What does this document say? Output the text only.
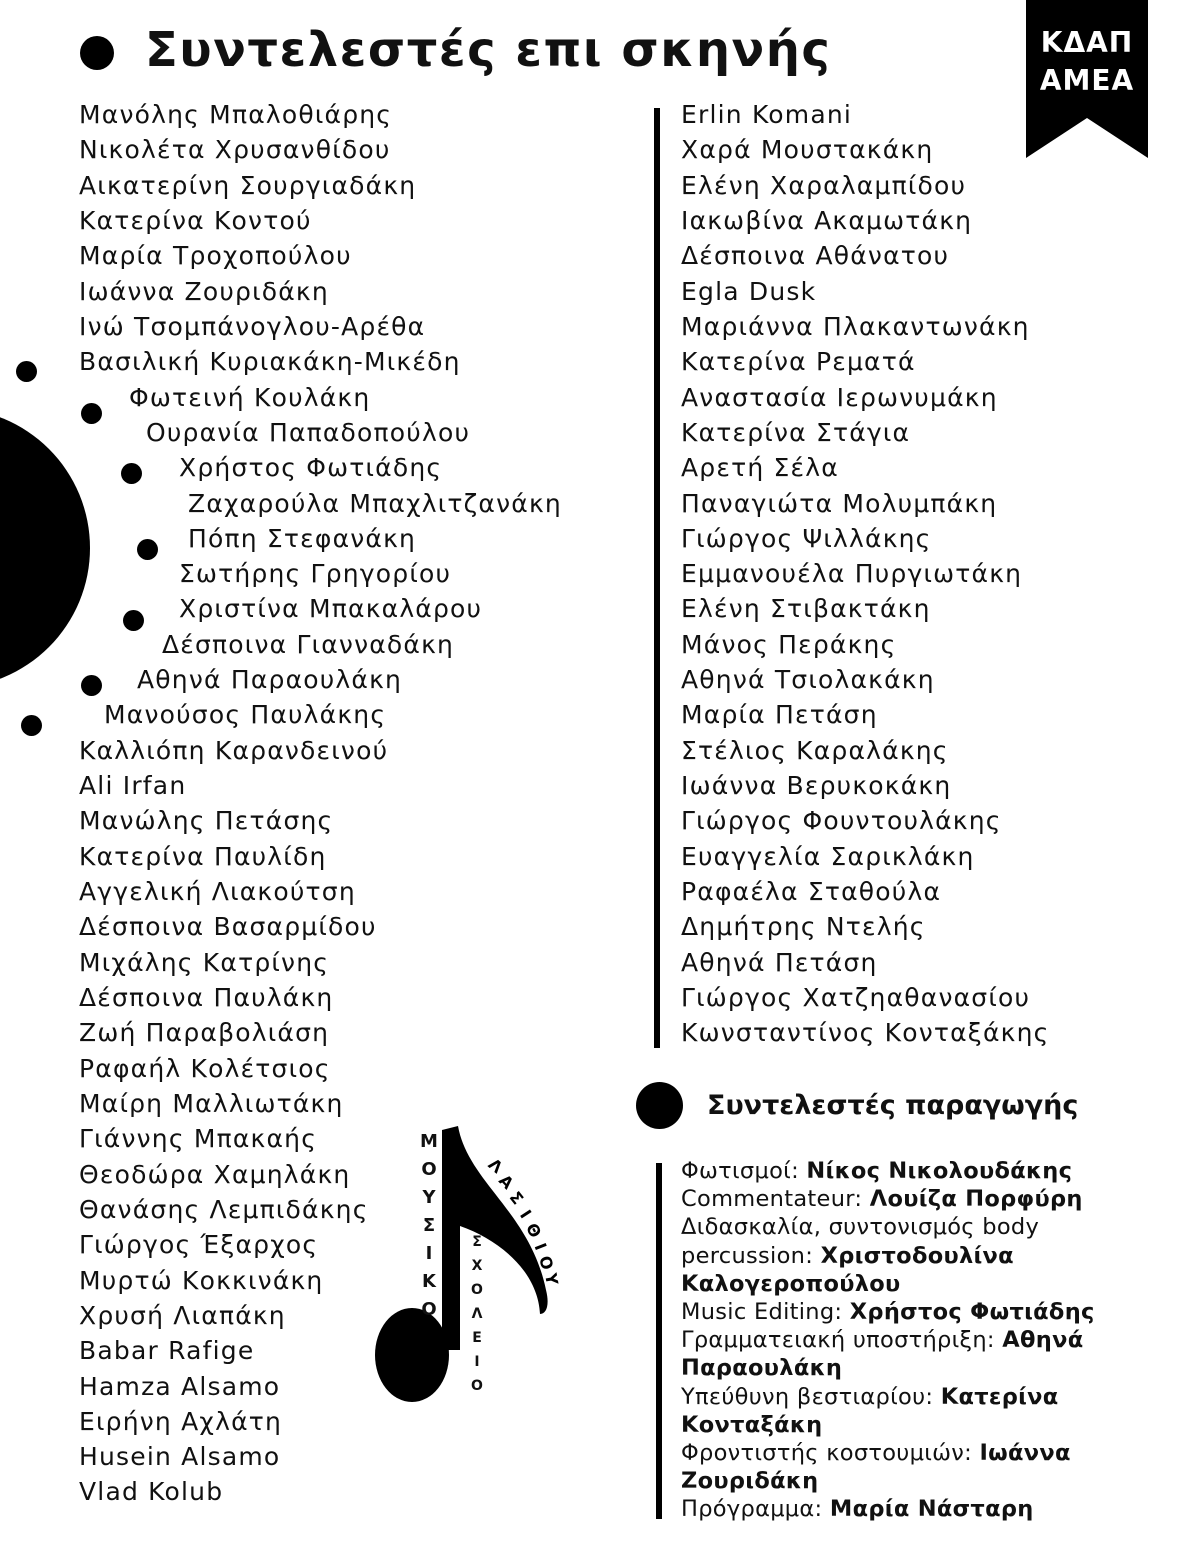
Συντελεστές επι σκηνής	ΚΔΑΠ
ΑΜΕΑ
Μανόλης Μπαλοθιάρης
Νικολέτα Χρυσανθίδου
Αικατερίνη Σουργιαδάκη
Κατερίνα Κοντού
Μαρία Τροχοπούλου
Ιωάννα Ζουριδάκη
Ινώ Τσομπάνογλου-Αρέθα
Βασιλική Κυριακάκη-Μικέδη
Φωτεινή Κουλάκη
Ουρανία Παπαδοπούλου
Χρήστος Φωτιάδης
Ζαχαρούλα Μπαχλιτζανάκη
Πόπη Στεφανάκη
Σωτήρης Γρηγορίου
Χριστίνα Μπακαλάρου
Δέσποινα Γιανναδάκη
Αθηνά Παραουλάκη
Μανούσος Παυλάκης
Καλλιόπη Καρανδεινού
Ali Irfan
Μανώλης Πετάσης
Κατερίνα Παυλίδη
Αγγελική Λιακούτση
Δέσποινα Βασαρμίδου
Μιχάλης Κατρίνης
Δέσποινα Παυλάκη
Ζωή Παραβολιάση
Ραφαήλ Κολέτσιος
Μαίρη Μαλλιωτάκη
Γιάννης Μπακαής
Θεοδώρα Χαμηλάκη
Θανάσης Λεμπιδάκης
Γιώργος Έξαρχος
Μυρτώ Κοκκινάκη
Χρυσή Λιαπάκη
Babar Rafige
Hamza Alsamo
Ειρήνη Αχλάτη
Husein Alsamo
Vlad Kolub
Erlin Komani
Χαρά Μουστακάκη
Ελένη Χαραλαμπίδου
Ιακωβίνα Ακαμωτάκη
Δέσποινα Αθάνατου
Egla Dusk
Μαριάννα Πλακαντωνάκη
Κατερίνα Ρεματά
Αναστασία Ιερωνυμάκη
Κατερίνα Στάγια
Αρετή Σέλα
Παναγιώτα Μολυμπάκη
Γιώργος Ψιλλάκης
Εμμανουέλα Πυργιωτάκη
Ελένη Στιβακτάκη
Μάνος Περάκης
Αθηνά Τσιολακάκη
Μαρία Πετάση
Στέλιος Καραλάκης
Ιωάννα Βερυκοκάκη
Γιώργος Φουντουλάκης
Ευαγγελία Σαρικλάκη
Ραφαέλα Σταθούλα
Δημήτρης Ντελής
Αθηνά Πετάση
Γιώργος Χατζηαθανασίου
Κωνσταντίνος Κονταξάκης
Συντελεστές παραγωγής
Φωτισμοί: Νίκος Νικολουδάκης
Commentateur: Λουίζα Πορφύρη
Διδασκαλία, συντονισμός body
percussion: Χριστοδουλίνα
Καλογεροπούλου
Music Editing: Χρήστος Φωτιάδης
Γραμματειακή υποστήριξη: Αθηνά
Παραουλάκη
Υπεύθυνη βεστιαρίου: Κατερίνα
Κονταξάκη
Φροντιστής κοστουμιών: Ιωάννα
Ζουριδάκη
Πρόγραμμα: Μαρία Νάσταρη
Μ
Ο
Υ
Σ
Ι
Κ
Ο
Σ
Χ
Ο
Λ
Ε
Ι
Ο
Λ
Α
Σ
Ι
Θ
Ι
Ο
Υ
